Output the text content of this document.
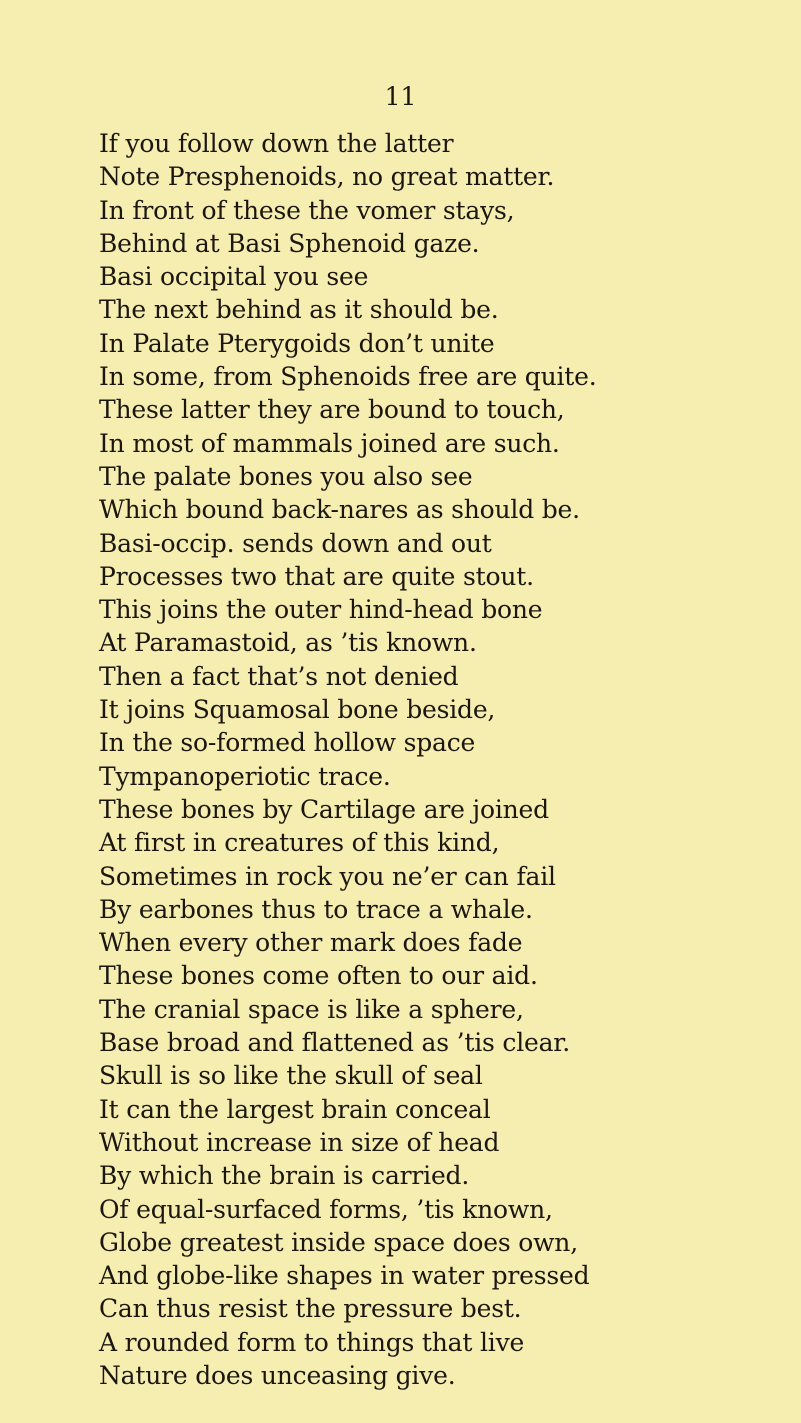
11
If you follow down the latter
Note Presphenoids, no great matter.
In front of these the vomer stays,
Behind at Basi Sphenoid gaze.
Basi occipital you see
The next behind as it should be.
In Palate Pterygoids don’t unite
In some, from Sphenoids free are quite.
These latter they are bound to touch,
In most of mammals joined are such.
The palate bones you also see
Which bound back-nares as should be.
Basi-occip. sends down and out
Processes two that are quite stout.
This joins the outer hind-head bone
At Paramastoid, as ’tis known.
Then a fact that’s not denied
It joins Squamosal bone beside,
In the so-formed hollow space
Tympanoperiotic trace.
These bones by Cartilage are joined
At first in creatures of this kind,
Sometimes in rock you ne’er can fail
By earbones thus to trace a whale.
When every other mark does fade
These bones come often to our aid.
The cranial space is like a sphere,
Base broad and flattened as ’tis clear.
Skull is so like the skull of seal
It can the largest brain conceal
Without increase in size of head
By which the brain is carried.
Of equal-surfaced forms, ’tis known,
Globe greatest inside space does own,
And globe-like shapes in water pressed
Can thus resist the pressure best.
A rounded form to things that live
Nature does unceasing give.
